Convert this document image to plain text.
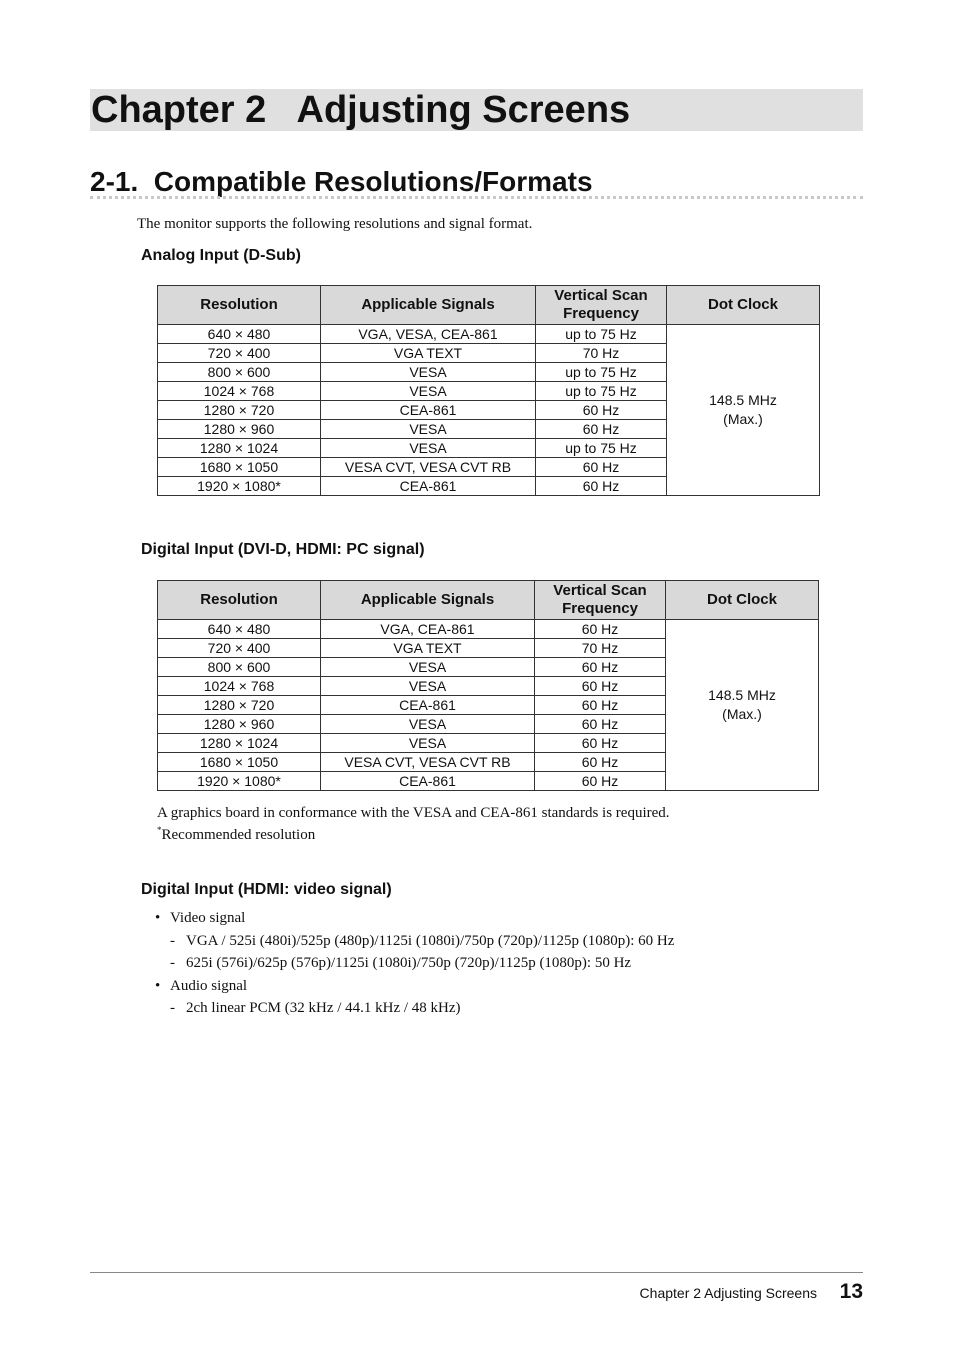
Chapter 2   Adjusting Screens
2-1.  Compatible Resolutions/Formats
The monitor supports the following resolutions and signal format.
Analog Input (D-Sub)
Resolution	Applicable Signals	Vertical Scan Frequency	Dot Clock
640 × 480	VGA, VESA, CEA-861	up to 75 Hz	148.5 MHz
(Max.)

720 × 400	VGA TEXT	70 Hz	
800 × 600	VESA	up to 75 Hz	
1024 × 768	VESA	up to 75 Hz	
1280 × 720	CEA-861	60 Hz	
1280 × 960	VESA	60 Hz	
1280 × 1024	VESA	up to 75 Hz	
1680 × 1050	VESA CVT, VESA CVT RB	60 Hz	
1920 × 1080*	CEA-861	60 Hz	
Digital Input (DVI-D, HDMI: PC signal)
Resolution	Applicable Signals	Vertical Scan Frequency	Dot Clock
640 × 480	VGA, CEA-861	60 Hz	148.5 MHz
(Max.)

720 × 400	VGA TEXT	70 Hz	
800 × 600	VESA	60 Hz	
1024 × 768	VESA	60 Hz	
1280 × 720	CEA-861	60 Hz	
1280 × 960	VESA	60 Hz	
1280 × 1024	VESA	60 Hz	
1680 × 1050	VESA CVT, VESA CVT RB	60 Hz	
1920 × 1080*	CEA-861	60 Hz	
A graphics board in conformance with the VESA and CEA-861 standards is required.
*Recommended resolution
Digital Input (HDMI: video signal)
• Video signal
- VGA / 525i (480i)/525p (480p)/1125i (1080i)/750p (720p)/1125p (1080p): 60 Hz
- 625i (576i)/625p (576p)/1125i (1080i)/750p (720p)/1125p (1080p): 50 Hz
• Audio signal
- 2ch linear PCM (32 kHz / 44.1 kHz / 48 kHz)
Chapter 2 Adjusting Screens 13
